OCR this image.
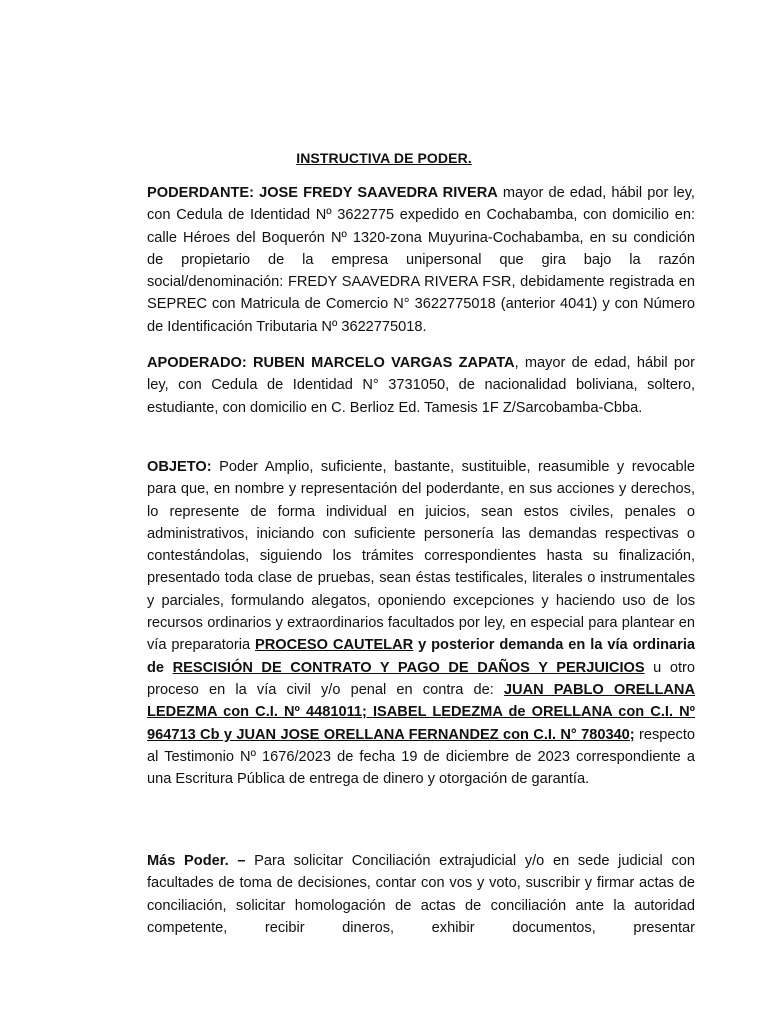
INSTRUCTIVA DE PODER.
PODERDANTE: JOSE FREDY SAAVEDRA RIVERA mayor de edad, hábil por ley, con Cedula de Identidad Nº 3622775 expedido en Cochabamba, con domicilio en: calle Héroes del Boquerón Nº 1320-zona Muyurina-Cochabamba, en su condición de propietario de la empresa unipersonal que gira bajo la razón social/denominación: FREDY SAAVEDRA RIVERA FSR, debidamente registrada en SEPREC con Matricula de Comercio N° 3622775018 (anterior 4041) y con Número de Identificación Tributaria Nº 3622775018.
APODERADO: RUBEN MARCELO VARGAS ZAPATA, mayor de edad, hábil por ley, con Cedula de Identidad N° 3731050, de nacionalidad boliviana, soltero, estudiante, con domicilio en C. Berlioz Ed. Tamesis 1F Z/Sarcobamba-Cbba.
OBJETO: Poder Amplio, suficiente, bastante, sustituible, reasumible y revocable para que, en nombre y representación del poderdante, en sus acciones y derechos, lo represente de forma individual en juicios, sean estos civiles, penales o administrativos, iniciando con suficiente personería las demandas respectivas o contestándolas, siguiendo los trámites correspondientes hasta su finalización, presentado toda clase de pruebas, sean éstas testificales, literales o instrumentales y parciales, formulando alegatos, oponiendo excepciones y haciendo uso de los recursos ordinarios y extraordinarios facultados por ley, en especial para plantear en vía preparatoria PROCESO CAUTELAR y posterior demanda en la vía ordinaria de RESCISIÓN DE CONTRATO Y PAGO DE DAÑOS Y PERJUICIOS u otro proceso en la vía civil y/o penal en contra de: JUAN PABLO ORELLANA LEDEZMA con C.I. Nº 4481011; ISABEL LEDEZMA de ORELLANA con C.I. Nº 964713 Cb y JUAN JOSE ORELLANA FERNANDEZ con C.I. N° 780340; respecto al Testimonio Nº 1676/2023 de fecha 19 de diciembre de 2023 correspondiente a una Escritura Pública de entrega de dinero y otorgación de garantía.
Más Poder. – Para solicitar Conciliación extrajudicial y/o en sede judicial con facultades de toma de decisiones, contar con vos y voto, suscribir y firmar actas de conciliación, solicitar homologación de actas de conciliación ante la autoridad competente, recibir dineros, exhibir documentos, presentar
